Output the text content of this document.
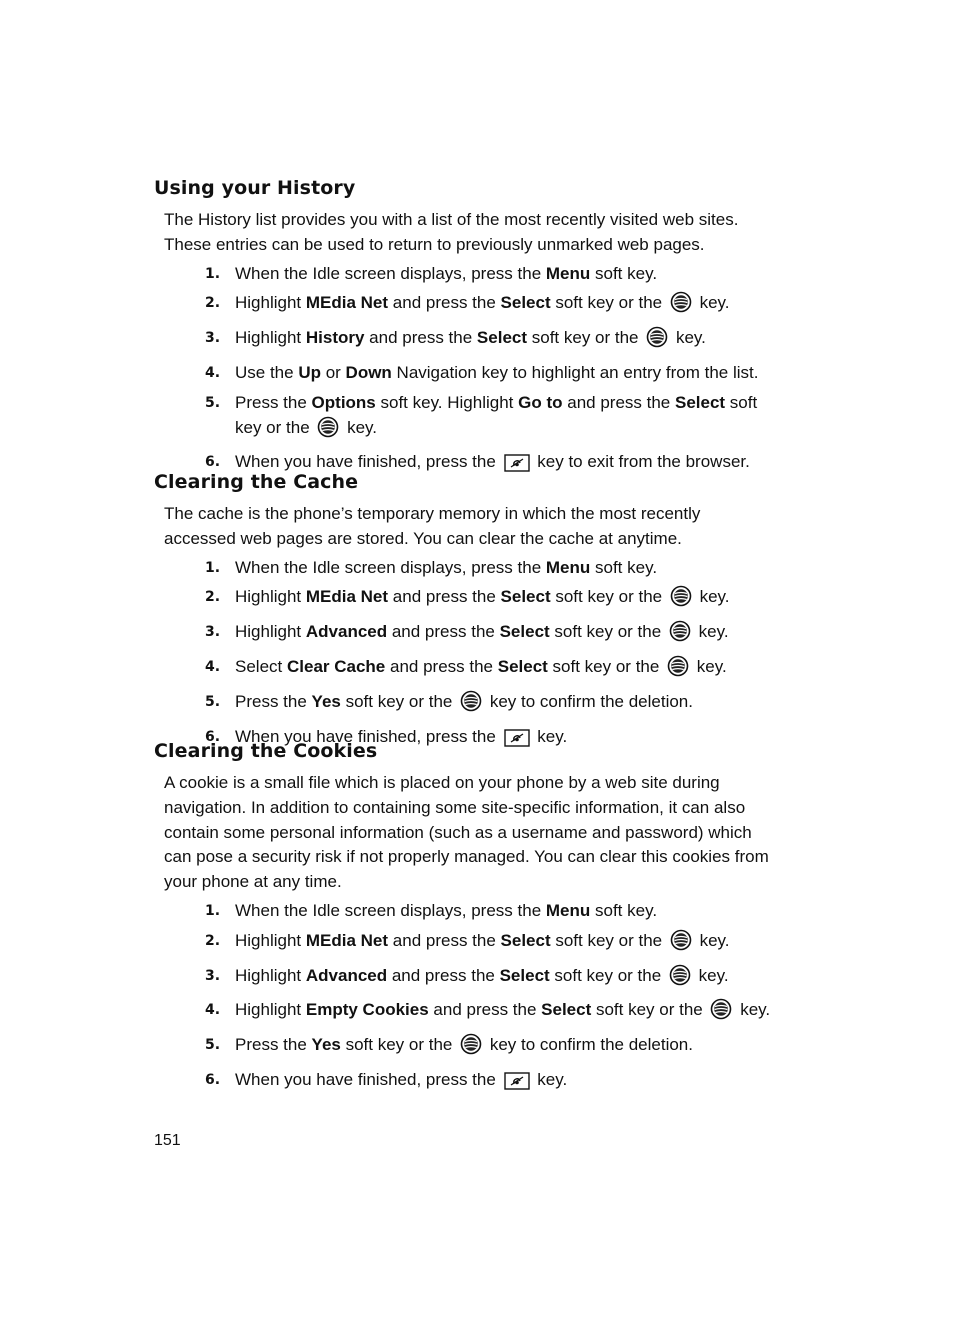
Using your History

The History list provides you with a list of the most recently visited web sites. These entries can be used to return to previously unmarked web pages.

1. When the Idle screen displays, press the Menu soft key.
2. Highlight MEdia Net and press the Select soft key or the  key.
3. Highlight History and press the Select soft key or the  key.
4. Use the Up or Down Navigation key to highlight an entry from the list.
5. Press the Options soft key. Highlight Go to and press the Select soft key or the  key.
6. When you have finished, press the  key to exit from the browser.
Clearing the Cache

The cache is the phone’s temporary memory in which the most recently accessed web pages are stored. You can clear the cache at anytime.

1. When the Idle screen displays, press the Menu soft key.
2. Highlight MEdia Net and press the Select soft key or the  key.
3. Highlight Advanced and press the Select soft key or the  key.
4. Select Clear Cache and press the Select soft key or the  key.
5. Press the Yes soft key or the  key to confirm the deletion.
6. When you have finished, press the  key.
Clearing the Cookies

A cookie is a small file which is placed on your phone by a web site during navigation. In addition to containing some site-specific information, it can also contain some personal information (such as a username and password) which can pose a security risk if not properly managed. You can clear this cookies from your phone at any time.

1. When the Idle screen displays, press the Menu soft key.
2. Highlight MEdia Net and press the Select soft key or the  key.
3. Highlight Advanced and press the Select soft key or the  key.
4. Highlight Empty Cookies and press the Select soft key or the  key.
5. Press the Yes soft key or the  key to confirm the deletion.
6. When you have finished, press the  key.
151
